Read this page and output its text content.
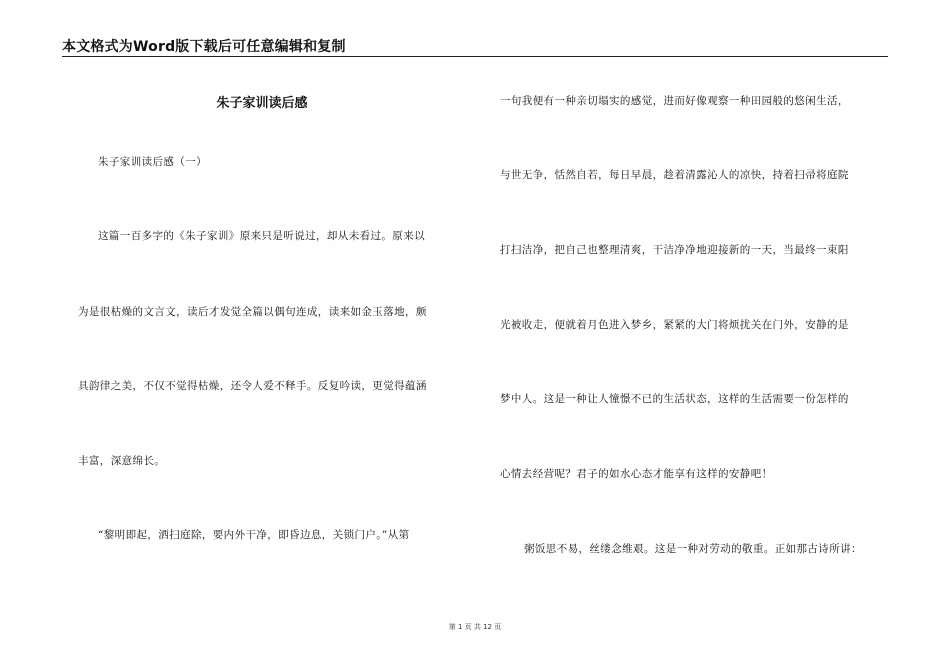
本文格式为Word版下载后可任意编辑和复制
朱子家训读后感
朱子家训读后感（一）
这篇一百多字的《朱子家训》原来只是听说过，却从未看过。原来以
为是很枯燥的文言文，读后才发觉全篇以偶句连成，读来如金玉落地，颇
具韵律之美，不仅不觉得枯燥，还令人爱不释手。反复吟读，更觉得蕴涵
丰富，深意绵长。
“黎明即起，洒扫庭除，要内外干净，即昏边息，关锁门户。”从第
一句我便有一种亲切塌实的感觉，进而好像观察一种田园般的悠闲生活，
与世无争，恬然自若，每日早晨，趁着清露沁人的凉快，持着扫帚将庭院
打扫洁净，把自己也整理清爽，干洁净净地迎接新的一天，当最终一束阳
光被收走，便就着月色进入梦乡，紧紧的大门将烦扰关在门外，安静的是
梦中人。这是一种让人憧憬不已的生活状态，这样的生活需要一份怎样的
心情去经营呢？君子的如水心态才能享有这样的安静吧！
粥饭思不易，丝缕念维艰。这是一种对劳动的敬重。正如那古诗所讲：
第 1 页 共 12 页
